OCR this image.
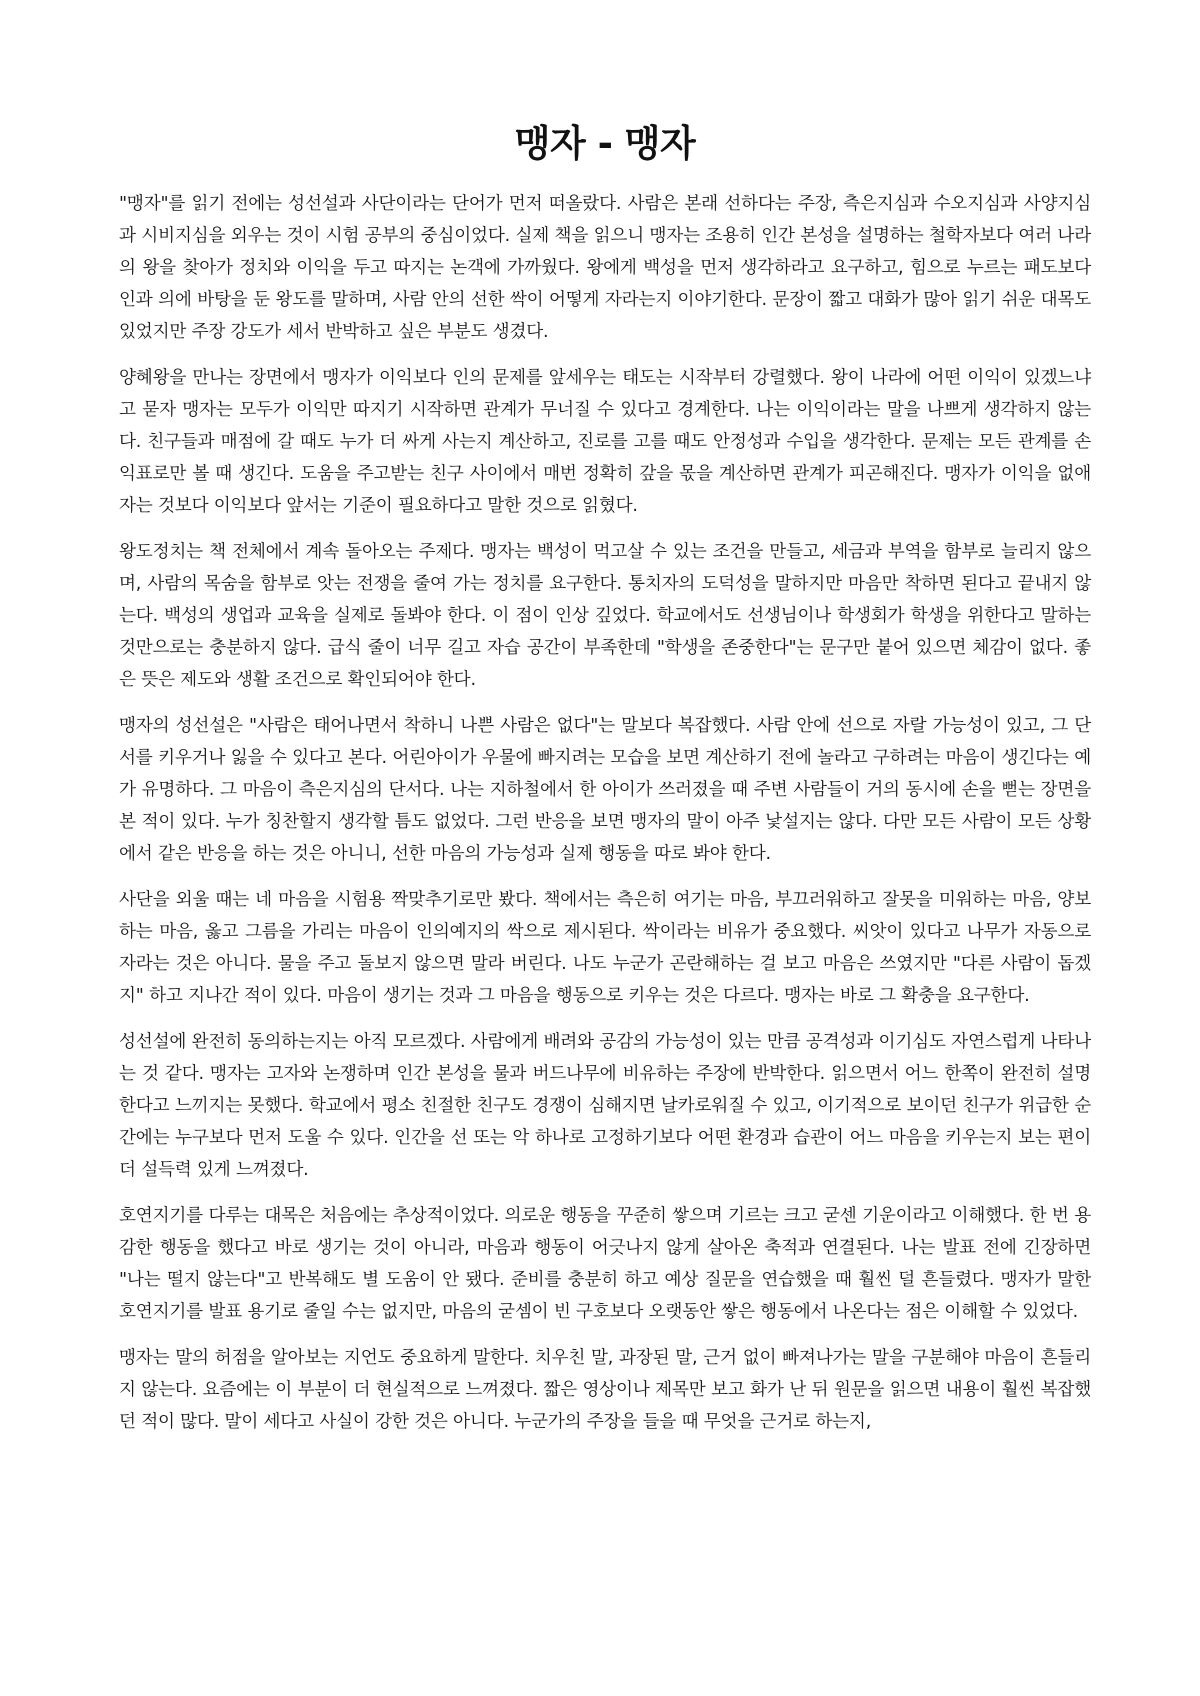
맹자 - 맹자

"맹자"를 읽기 전에는 성선설과 사단이라는 단어가 먼저 떠올랐다. 사람은 본래 선하다는 주장, 측은지심과 수오지심과 사양지심과 시비지심을 외우는 것이 시험 공부의 중심이었다. 실제 책을 읽으니 맹자는 조용히 인간 본성을 설명하는 철학자보다 여러 나라의 왕을 찾아가 정치와 이익을 두고 따지는 논객에 가까웠다. 왕에게 백성을 먼저 생각하라고 요구하고, 힘으로 누르는 패도보다 인과 의에 바탕을 둔 왕도를 말하며, 사람 안의 선한 싹이 어떻게 자라는지 이야기한다. 문장이 짧고 대화가 많아 읽기 쉬운 대목도 있었지만 주장 강도가 세서 반박하고 싶은 부분도 생겼다.

양혜왕을 만나는 장면에서 맹자가 이익보다 인의 문제를 앞세우는 태도는 시작부터 강렬했다. 왕이 나라에 어떤 이익이 있겠느냐고 묻자 맹자는 모두가 이익만 따지기 시작하면 관계가 무너질 수 있다고 경계한다. 나는 이익이라는 말을 나쁘게 생각하지 않는다. 친구들과 매점에 갈 때도 누가 더 싸게 사는지 계산하고, 진로를 고를 때도 안정성과 수입을 생각한다. 문제는 모든 관계를 손익표로만 볼 때 생긴다. 도움을 주고받는 친구 사이에서 매번 정확히 갚을 몫을 계산하면 관계가 피곤해진다. 맹자가 이익을 없애자는 것보다 이익보다 앞서는 기준이 필요하다고 말한 것으로 읽혔다.

왕도정치는 책 전체에서 계속 돌아오는 주제다. 맹자는 백성이 먹고살 수 있는 조건을 만들고, 세금과 부역을 함부로 늘리지 않으며, 사람의 목숨을 함부로 앗는 전쟁을 줄여 가는 정치를 요구한다. 통치자의 도덕성을 말하지만 마음만 착하면 된다고 끝내지 않는다. 백성의 생업과 교육을 실제로 돌봐야 한다. 이 점이 인상 깊었다. 학교에서도 선생님이나 학생회가 학생을 위한다고 말하는 것만으로는 충분하지 않다. 급식 줄이 너무 길고 자습 공간이 부족한데 "학생을 존중한다"는 문구만 붙어 있으면 체감이 없다. 좋은 뜻은 제도와 생활 조건으로 확인되어야 한다.

맹자의 성선설은 "사람은 태어나면서 착하니 나쁜 사람은 없다"는 말보다 복잡했다. 사람 안에 선으로 자랄 가능성이 있고, 그 단서를 키우거나 잃을 수 있다고 본다. 어린아이가 우물에 빠지려는 모습을 보면 계산하기 전에 놀라고 구하려는 마음이 생긴다는 예가 유명하다. 그 마음이 측은지심의 단서다. 나는 지하철에서 한 아이가 쓰러졌을 때 주변 사람들이 거의 동시에 손을 뻗는 장면을 본 적이 있다. 누가 칭찬할지 생각할 틈도 없었다. 그런 반응을 보면 맹자의 말이 아주 낯설지는 않다. 다만 모든 사람이 모든 상황에서 같은 반응을 하는 것은 아니니, 선한 마음의 가능성과 실제 행동을 따로 봐야 한다.

사단을 외울 때는 네 마음을 시험용 짝맞추기로만 봤다. 책에서는 측은히 여기는 마음, 부끄러워하고 잘못을 미워하는 마음, 양보하는 마음, 옳고 그름을 가리는 마음이 인의예지의 싹으로 제시된다. 싹이라는 비유가 중요했다. 씨앗이 있다고 나무가 자동으로 자라는 것은 아니다. 물을 주고 돌보지 않으면 말라 버린다. 나도 누군가 곤란해하는 걸 보고 마음은 쓰였지만 "다른 사람이 돕겠지" 하고 지나간 적이 있다. 마음이 생기는 것과 그 마음을 행동으로 키우는 것은 다르다. 맹자는 바로 그 확충을 요구한다.

성선설에 완전히 동의하는지는 아직 모르겠다. 사람에게 배려와 공감의 가능성이 있는 만큼 공격성과 이기심도 자연스럽게 나타나는 것 같다. 맹자는 고자와 논쟁하며 인간 본성을 물과 버드나무에 비유하는 주장에 반박한다. 읽으면서 어느 한쪽이 완전히 설명한다고 느끼지는 못했다. 학교에서 평소 친절한 친구도 경쟁이 심해지면 날카로워질 수 있고, 이기적으로 보이던 친구가 위급한 순간에는 누구보다 먼저 도울 수 있다. 인간을 선 또는 악 하나로 고정하기보다 어떤 환경과 습관이 어느 마음을 키우는지 보는 편이 더 설득력 있게 느껴졌다.

호연지기를 다루는 대목은 처음에는 추상적이었다. 의로운 행동을 꾸준히 쌓으며 기르는 크고 굳센 기운이라고 이해했다. 한 번 용감한 행동을 했다고 바로 생기는 것이 아니라, 마음과 행동이 어긋나지 않게 살아온 축적과 연결된다. 나는 발표 전에 긴장하면 "나는 떨지 않는다"고 반복해도 별 도움이 안 됐다. 준비를 충분히 하고 예상 질문을 연습했을 때 훨씬 덜 흔들렸다. 맹자가 말한 호연지기를 발표 용기로 줄일 수는 없지만, 마음의 굳셈이 빈 구호보다 오랫동안 쌓은 행동에서 나온다는 점은 이해할 수 있었다.

맹자는 말의 허점을 알아보는 지언도 중요하게 말한다. 치우친 말, 과장된 말, 근거 없이 빠져나가는 말을 구분해야 마음이 흔들리지 않는다. 요즘에는 이 부분이 더 현실적으로 느껴졌다. 짧은 영상이나 제목만 보고 화가 난 뒤 원문을 읽으면 내용이 훨씬 복잡했던 적이 많다. 말이 세다고 사실이 강한 것은 아니다. 누군가의 주장을 들을 때 무엇을 근거로 하는지,
